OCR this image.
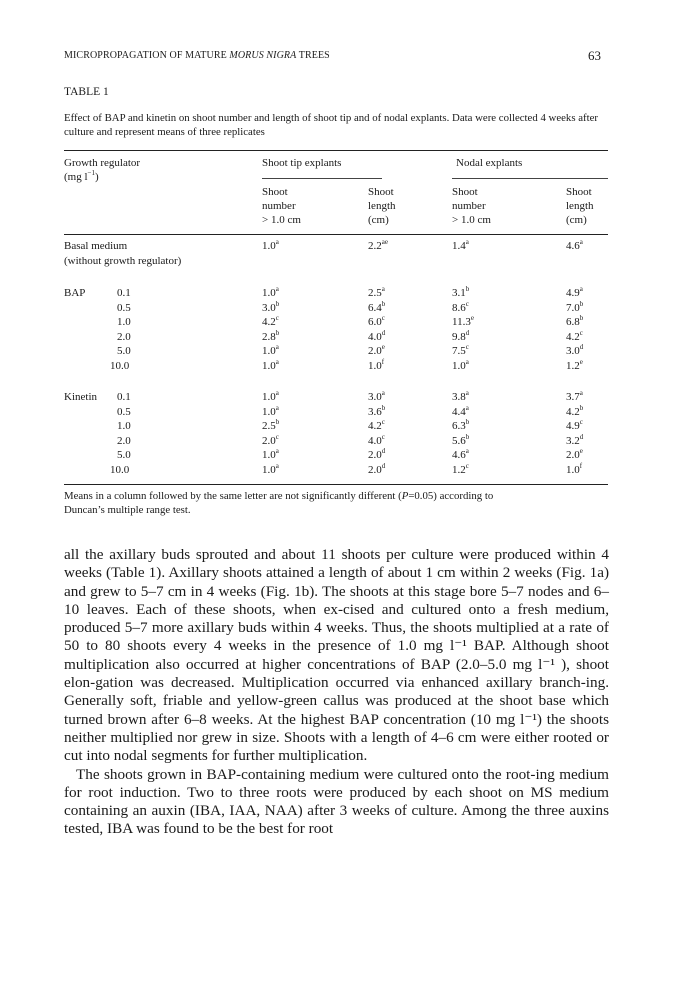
MICROPROPAGATION OF MATURE MORUS NIGRA TREES	63
TABLE 1
Effect of BAP and kinetin on shoot number and length of shoot tip and of nodal explants. Data were collected 4 weeks after culture and represent means of three replicates
Growth regulator
(mg $l^{-1}$)
Shoot tip explants	Nodal explants
Shoot
number
> 1.0 cm
Shoot
length
(cm)
Shoot
number
> 1.0 cm
Shoot
length
(cm)
Basal medium
(without growth regulator)
1.0$^a$	2.2$^{ae}$	1.4$^a$	4.6$^a$
BAP	0.1	1.0$^a$	2.5$^a$	3.1$^b$	4.9$^a$
0.5	3.0$^b$	6.4$^b$	8.6$^c$	7.0$^b$
1.0	4.2$^c$	6.0$^c$	11.3e	6.8$^b$
2.0	2.8$^b$	4.0$^d$	9.8$^d$	4.2$^c$
5.0	1.0$^a$	2.0e	7.5$^c$	3.0$^d$
10.0	1.0$^a$	1.0$^f$	1.0$^a$	1.2e
Kinetin 0.1	1.0$^a$	3.0$^a$	3.8$^a$	3.7$^a$
0.5	1.0$^a$	3.6$^b$	4.4$^a$	4.2$^b$
1.0	2.5$^b$	4.2$^c$	6.3$^b$	4.9$^c$
2.0	2.0$^c$	4.0$^c$	5.6$^b$	3.2$^d$
5.0	1.0$^a$	2.0$^d$	4.6$^a$	2.0e
10.0	1.0$^a$	2.0$^d$	1.2$^c$	1.0$^f$
Means in a column followed by the same letter are not significantly different (P=0.05) according to
Duncan’s multiple range test.

all the axillary buds sprouted and about 11 shoots per culture were produced within 4 weeks (Table 1). Axillary shoots attained a length of about 1 cm within 2 weeks (Fig. 1a) and grew to 5–7 cm in 4 weeks (Fig. 1b). The shoots at this stage bore 5–7 nodes and 6–10 leaves. Each of these shoots, when ex-cised and cultured onto a fresh medium, produced 5–7 more axillary buds within 4 weeks. Thus, the shoots multiplied at a rate of 50 to 80 shoots every 4 weeks in the presence of 1.0 mg l⁻¹ BAP. Although shoot multiplication also occurred at higher concentrations of BAP (2.0–5.0 mg l⁻¹ ), shoot elon-gation was decreased. Multiplication occurred via enhanced axillary branch-ing. Generally soft, friable and yellow-green callus was produced at the shoot base which turned brown after 6–8 weeks. At the highest BAP concentration (10 mg l⁻¹) the shoots neither multiplied nor grew in size. Shoots with a length of 4–6 cm were either rooted or cut into nodal segments for further multiplication.

The shoots grown in BAP-containing medium were cultured onto the root-ing medium for root induction. Two to three roots were produced by each shoot on MS medium containing an auxin (IBA, IAA, NAA) after 3 weeks of culture. Among the three auxins tested, IBA was found to be the best for root
